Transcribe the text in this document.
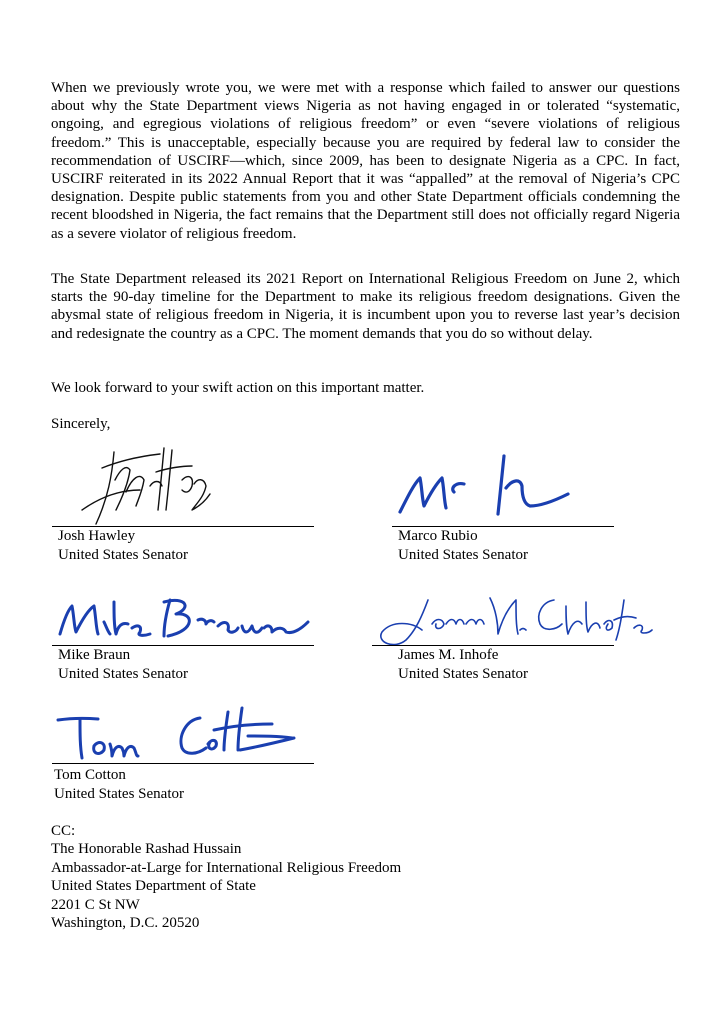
When we previously wrote you, we were met with a response which failed to answer our questions about why the State Department views Nigeria as not having engaged in or tolerated “systematic, ongoing, and egregious violations of religious freedom” or even “severe violations of religious freedom.” This is unacceptable, especially because you are required by federal law to consider the recommendation of USCIRF—which, since 2009, has been to designate Nigeria as a CPC. In fact, USCIRF reiterated in its 2022 Annual Report that it was “appalled” at the removal of Nigeria’s CPC designation. Despite public statements from you and other State Department officials condemning the recent bloodshed in Nigeria, the fact remains that the Department still does not officially regard Nigeria as a severe violator of religious freedom.

The State Department released its 2021 Report on International Religious Freedom on June 2, which starts the 90-day timeline for the Department to make its religious freedom designations. Given the abysmal state of religious freedom in Nigeria, it is incumbent upon you to reverse last year’s decision and redesignate the country as a CPC. The moment demands that you do so without delay.

We look forward to your swift action on this important matter.

Sincerely,

Josh Hawley
United States Senator
Marco Rubio
United States Senator
Mike Braun
United States Senator
James M. Inhofe
United States Senator
Tom Cotton
United States Senator
CC:
The Honorable Rashad Hussain
Ambassador-at-Large for International Religious Freedom
United States Department of State
2201 C St NW
Washington, D.C. 20520
